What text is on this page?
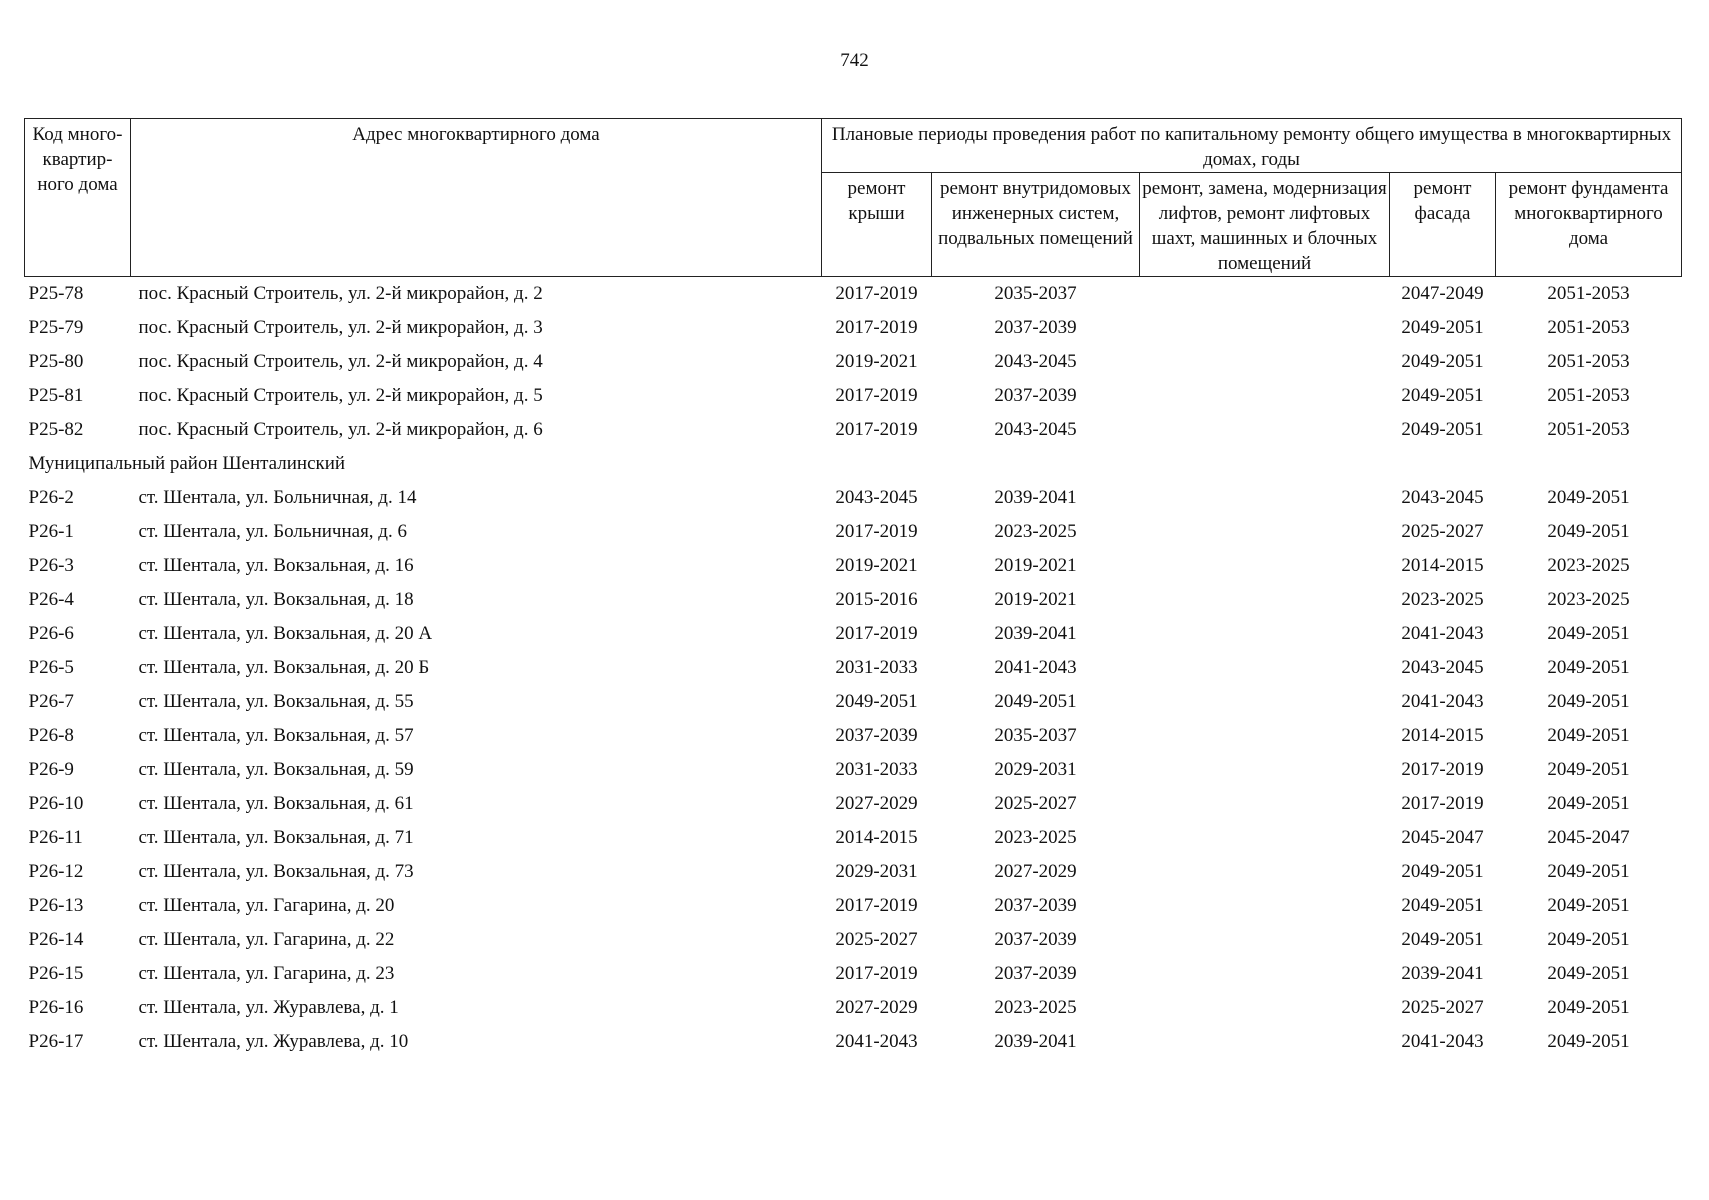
742
Код много-квартир-ного дома	Адрес многоквартирного дома	Плановые периоды проведения работ по капитальному ремонту общего имущества в многоквартирных домах, годы				
		ремонт крыши	ремонт внутридомовых инженерных систем, подвальных помещений	ремонт, замена, модернизация лифтов, ремонт лифтовых шахт, машинных и блочных помещений	ремонт фасада	ремонт фундамента многоквартирного дома
Р25-78	пос. Красный Строитель, ул. 2-й микрорайон, д. 2	2017-2019	2035-2037		2047-2049	2051-2053
Р25-79	пос. Красный Строитель, ул. 2-й микрорайон, д. 3	2017-2019	2037-2039		2049-2051	2051-2053
Р25-80	пос. Красный Строитель, ул. 2-й микрорайон, д. 4	2019-2021	2043-2045		2049-2051	2051-2053
Р25-81	пос. Красный Строитель, ул. 2-й микрорайон, д. 5	2017-2019	2037-2039		2049-2051	2051-2053
Р25-82	пос. Красный Строитель, ул. 2-й микрорайон, д. 6	2017-2019	2043-2045		2049-2051	2051-2053
Муниципальный район Шенталинский						
Р26-2	ст. Шентала, ул. Больничная, д. 14	2043-2045	2039-2041		2043-2045	2049-2051
Р26-1	ст. Шентала, ул. Больничная, д. 6	2017-2019	2023-2025		2025-2027	2049-2051
Р26-3	ст. Шентала, ул. Вокзальная, д. 16	2019-2021	2019-2021		2014-2015	2023-2025
Р26-4	ст. Шентала, ул. Вокзальная, д. 18	2015-2016	2019-2021		2023-2025	2023-2025
Р26-6	ст. Шентала, ул. Вокзальная, д. 20 А	2017-2019	2039-2041		2041-2043	2049-2051
Р26-5	ст. Шентала, ул. Вокзальная, д. 20 Б	2031-2033	2041-2043		2043-2045	2049-2051
Р26-7	ст. Шентала, ул. Вокзальная, д. 55	2049-2051	2049-2051		2041-2043	2049-2051
Р26-8	ст. Шентала, ул. Вокзальная, д. 57	2037-2039	2035-2037		2014-2015	2049-2051
Р26-9	ст. Шентала, ул. Вокзальная, д. 59	2031-2033	2029-2031		2017-2019	2049-2051
Р26-10	ст. Шентала, ул. Вокзальная, д. 61	2027-2029	2025-2027		2017-2019	2049-2051
Р26-11	ст. Шентала, ул. Вокзальная, д. 71	2014-2015	2023-2025		2045-2047	2045-2047
Р26-12	ст. Шентала, ул. Вокзальная, д. 73	2029-2031	2027-2029		2049-2051	2049-2051
Р26-13	ст. Шентала, ул. Гагарина, д. 20	2017-2019	2037-2039		2049-2051	2049-2051
Р26-14	ст. Шентала, ул. Гагарина, д. 22	2025-2027	2037-2039		2049-2051	2049-2051
Р26-15	ст. Шентала, ул. Гагарина, д. 23	2017-2019	2037-2039		2039-2041	2049-2051
Р26-16	ст. Шентала, ул. Журавлева, д. 1	2027-2029	2023-2025		2025-2027	2049-2051
Р26-17	ст. Шентала, ул. Журавлева, д. 10	2041-2043	2039-2041		2041-2043	2049-2051
